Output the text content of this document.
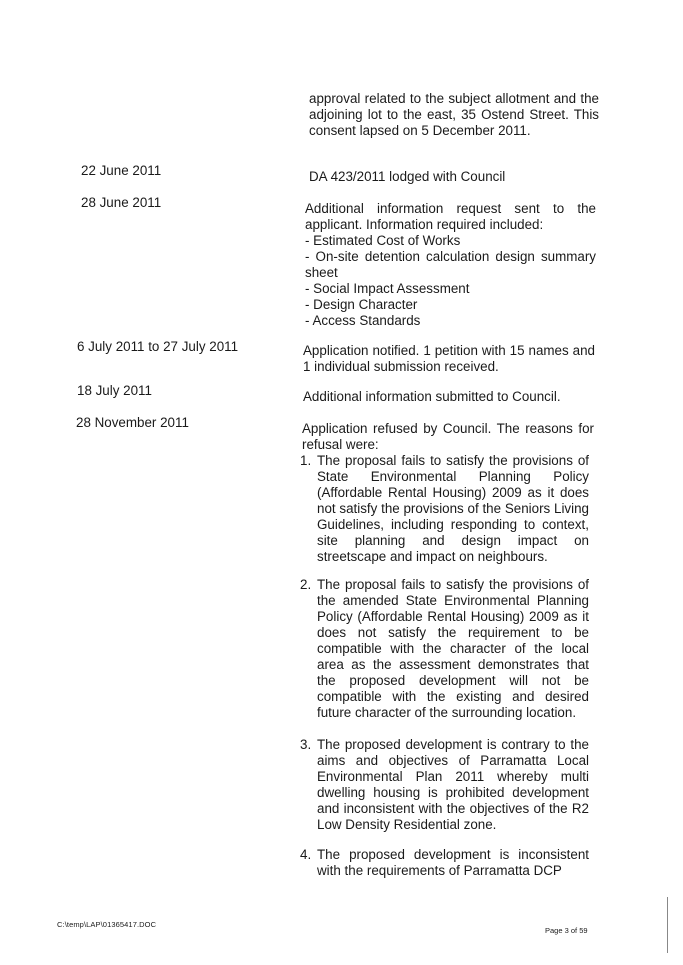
approval related to the subject allotment and the adjoining lot to the east, 35 Ostend Street. This consent lapsed on 5 December 2011.
22 June 2011	DA 423/2011 lodged with Council
28 June 2011	Additional information request sent to the applicant. Information required included:
- Estimated Cost of Works
- On-site detention calculation design summary sheet
- Social Impact Assessment
- Design Character
- Access Standards
6 July 2011 to 27 July 2011	Application notified. 1 petition with 15 names and 1 individual submission received.
18 July 2011	Additional information submitted to Council.
28 November 2011	Application refused by Council. The reasons for refusal were:
1. The proposal fails to satisfy the provisions of State Environmental Planning Policy (Affordable Rental Housing) 2009 as it does not satisfy the provisions of the Seniors Living Guidelines, including responding to context, site planning and design impact on streetscape and impact on neighbours.
2. The proposal fails to satisfy the provisions of the amended State Environmental Planning Policy (Affordable Rental Housing) 2009 as it does not satisfy the requirement to be compatible with the character of the local area as the assessment demonstrates that the proposed development will not be compatible with the existing and desired future character of the surrounding location.
3. The proposed development is contrary to the aims and objectives of Parramatta Local Environmental Plan 2011 whereby multi dwelling housing is prohibited development and inconsistent with the objectives of the R2 Low Density Residential zone.
4. The proposed development is inconsistent with the requirements of Parramatta DCP
C:\temp\LAP\01365417.DOC
Page 3 of 59
